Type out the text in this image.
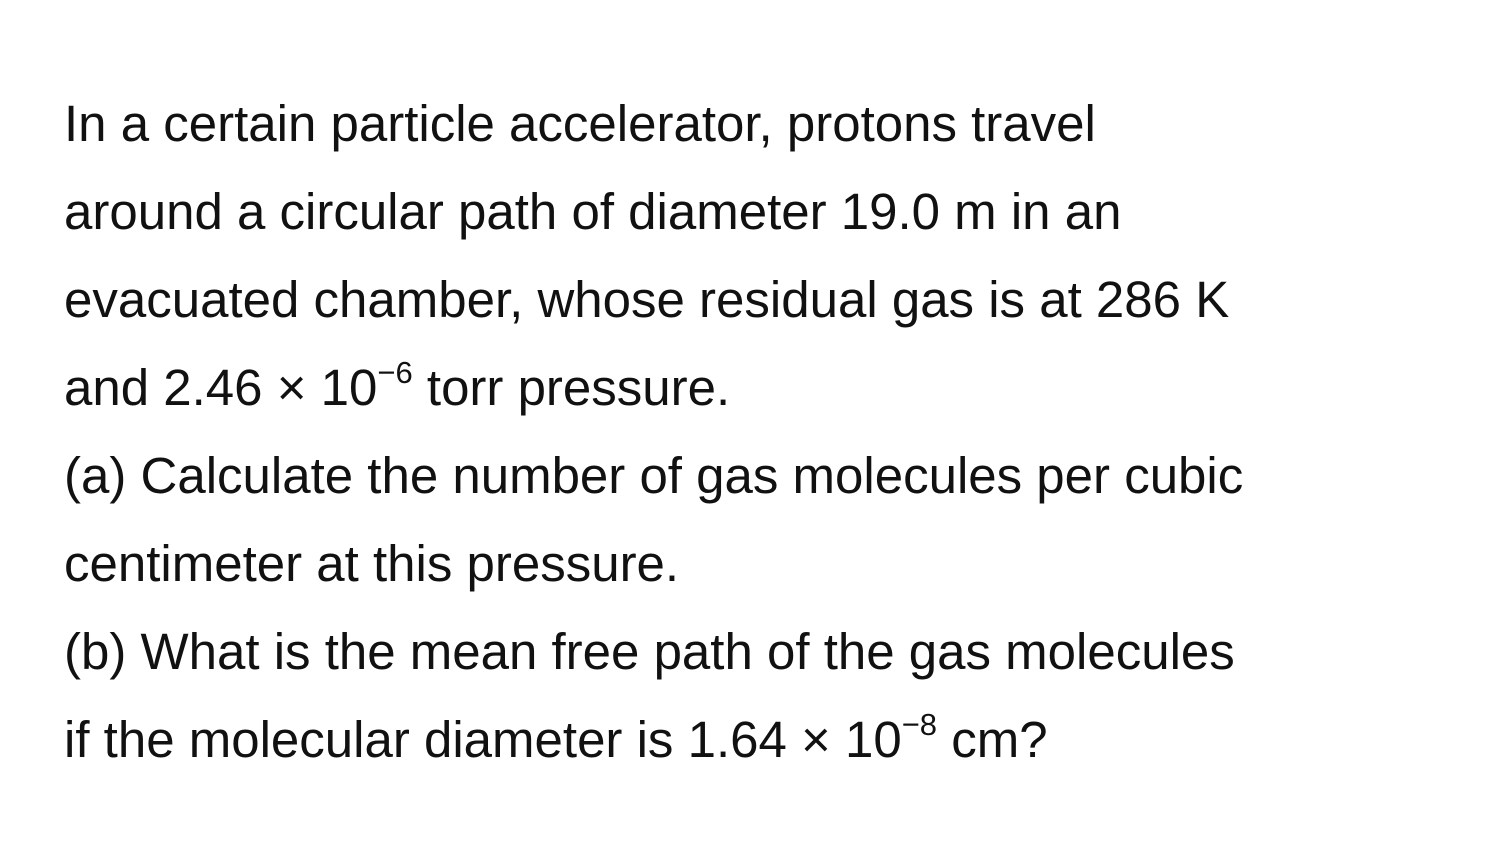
In a certain particle accelerator, protons travel
around a circular path of diameter 19.0 m in an
evacuated chamber, whose residual gas is at 286 K
and $2.46 \times 10^{-6}$ torr pressure.
(a) Calculate the number of gas molecules per cubic
centimeter at this pressure.
(b) What is the mean free path of the gas molecules
if the molecular diameter is $1.64 \times 10^{-8}$ cm?
